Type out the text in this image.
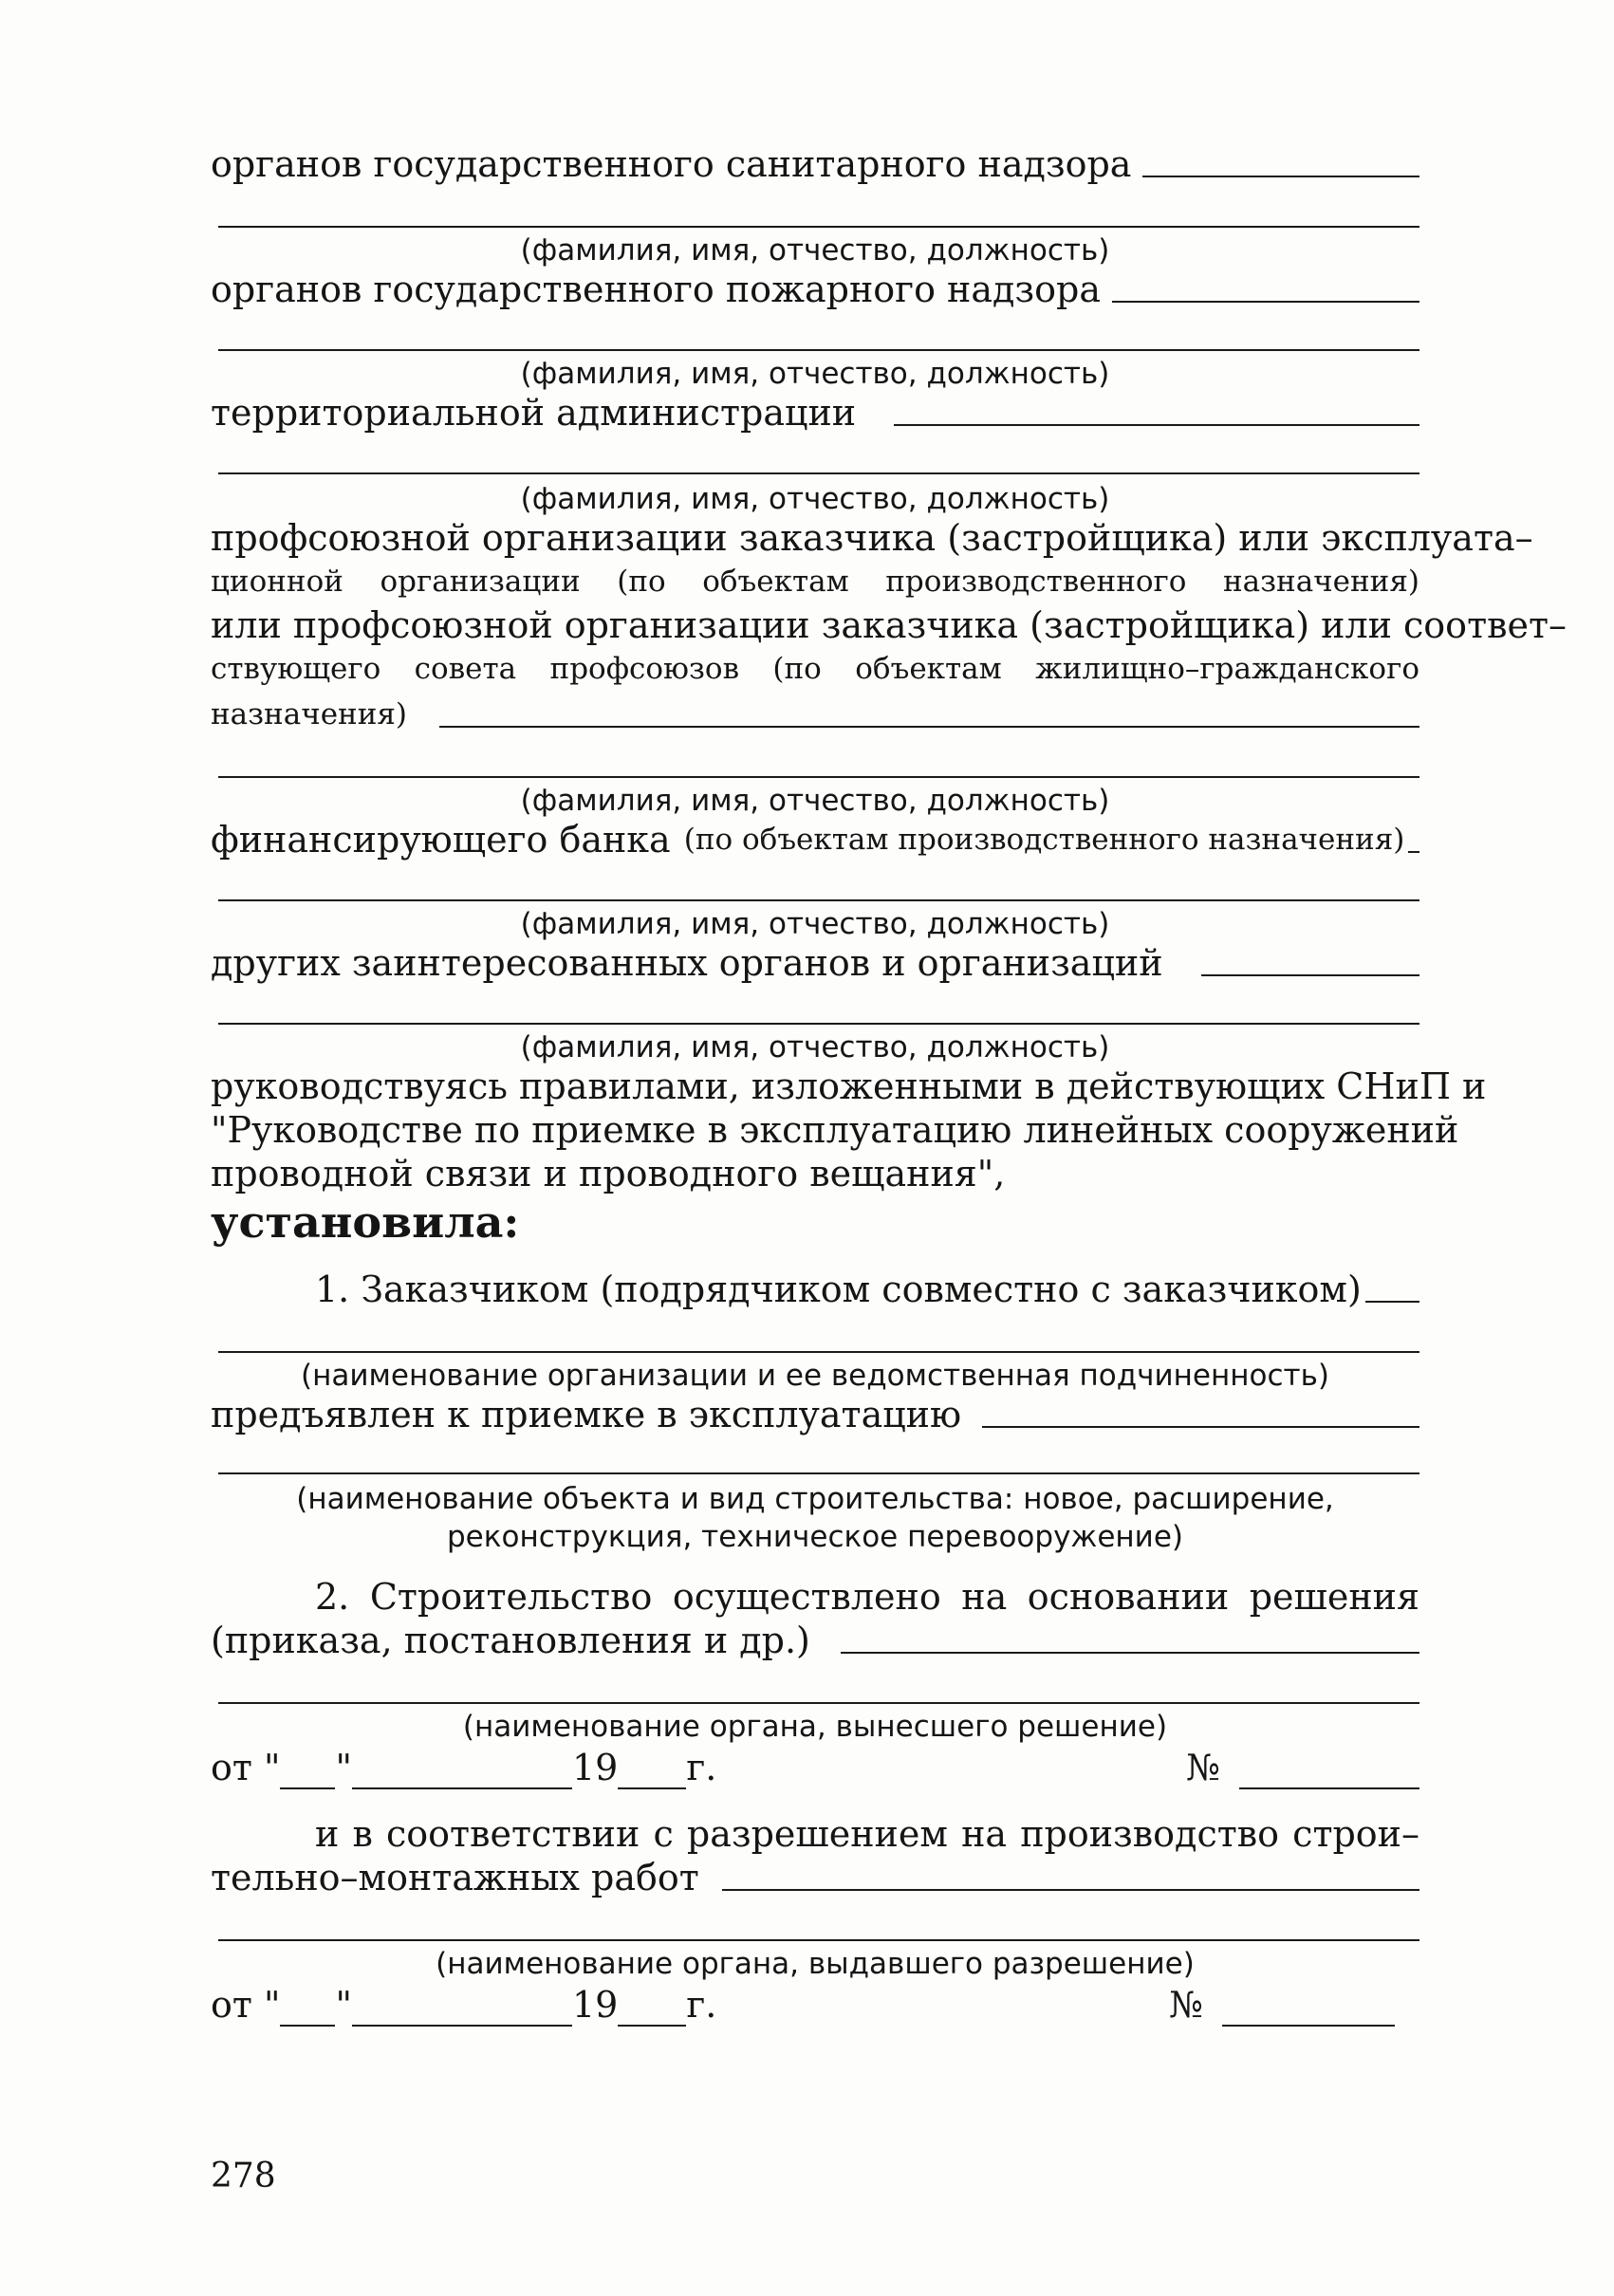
органов государственного санитарного надзора
(фамилия, имя, отчество, должность)
органов государственного пожарного надзора
(фамилия, имя, отчество, должность)
территориальной администрации
(фамилия, имя, отчество, должность)
профсоюзной организации заказчика (застройщика) или эксплуата–
ционной организации (по объектам производственного назначения)
или профсоюзной организации заказчика (застройщика) или соответ–
ствующего совета профсоюзов (по объектам жилищно–гражданского
назначения)
(фамилия, имя, отчество, должность)
финансирующего банка (по объектам производственного назначения)
(фамилия, имя, отчество, должность)
других заинтересованных органов и организаций
(фамилия, имя, отчество, должность)
руководствуясь правилами, изложенными в действующих СНиП и
"Руководстве по приемке в эксплуатацию линейных сооружений
проводной связи и проводного вещания",
установила:
1. Заказчиком (подрядчиком совместно с заказчиком)
(наименование организации и ее ведомственная подчиненность)
предъявлен к приемке в эксплуатацию
(наименование объекта и вид строительства: новое, расширение,
реконструкция, техническое перевооружение)
2. Строительство осуществлено на основании решения
(приказа, постановления и др.)
(наименование органа, вынесшего решение)
от " "	19 г.	№
и в соответствии с разрешением на производство строи–
тельно–монтажных работ
(наименование органа, выдавшего разрешение)
от " "	19 г.	№
278
